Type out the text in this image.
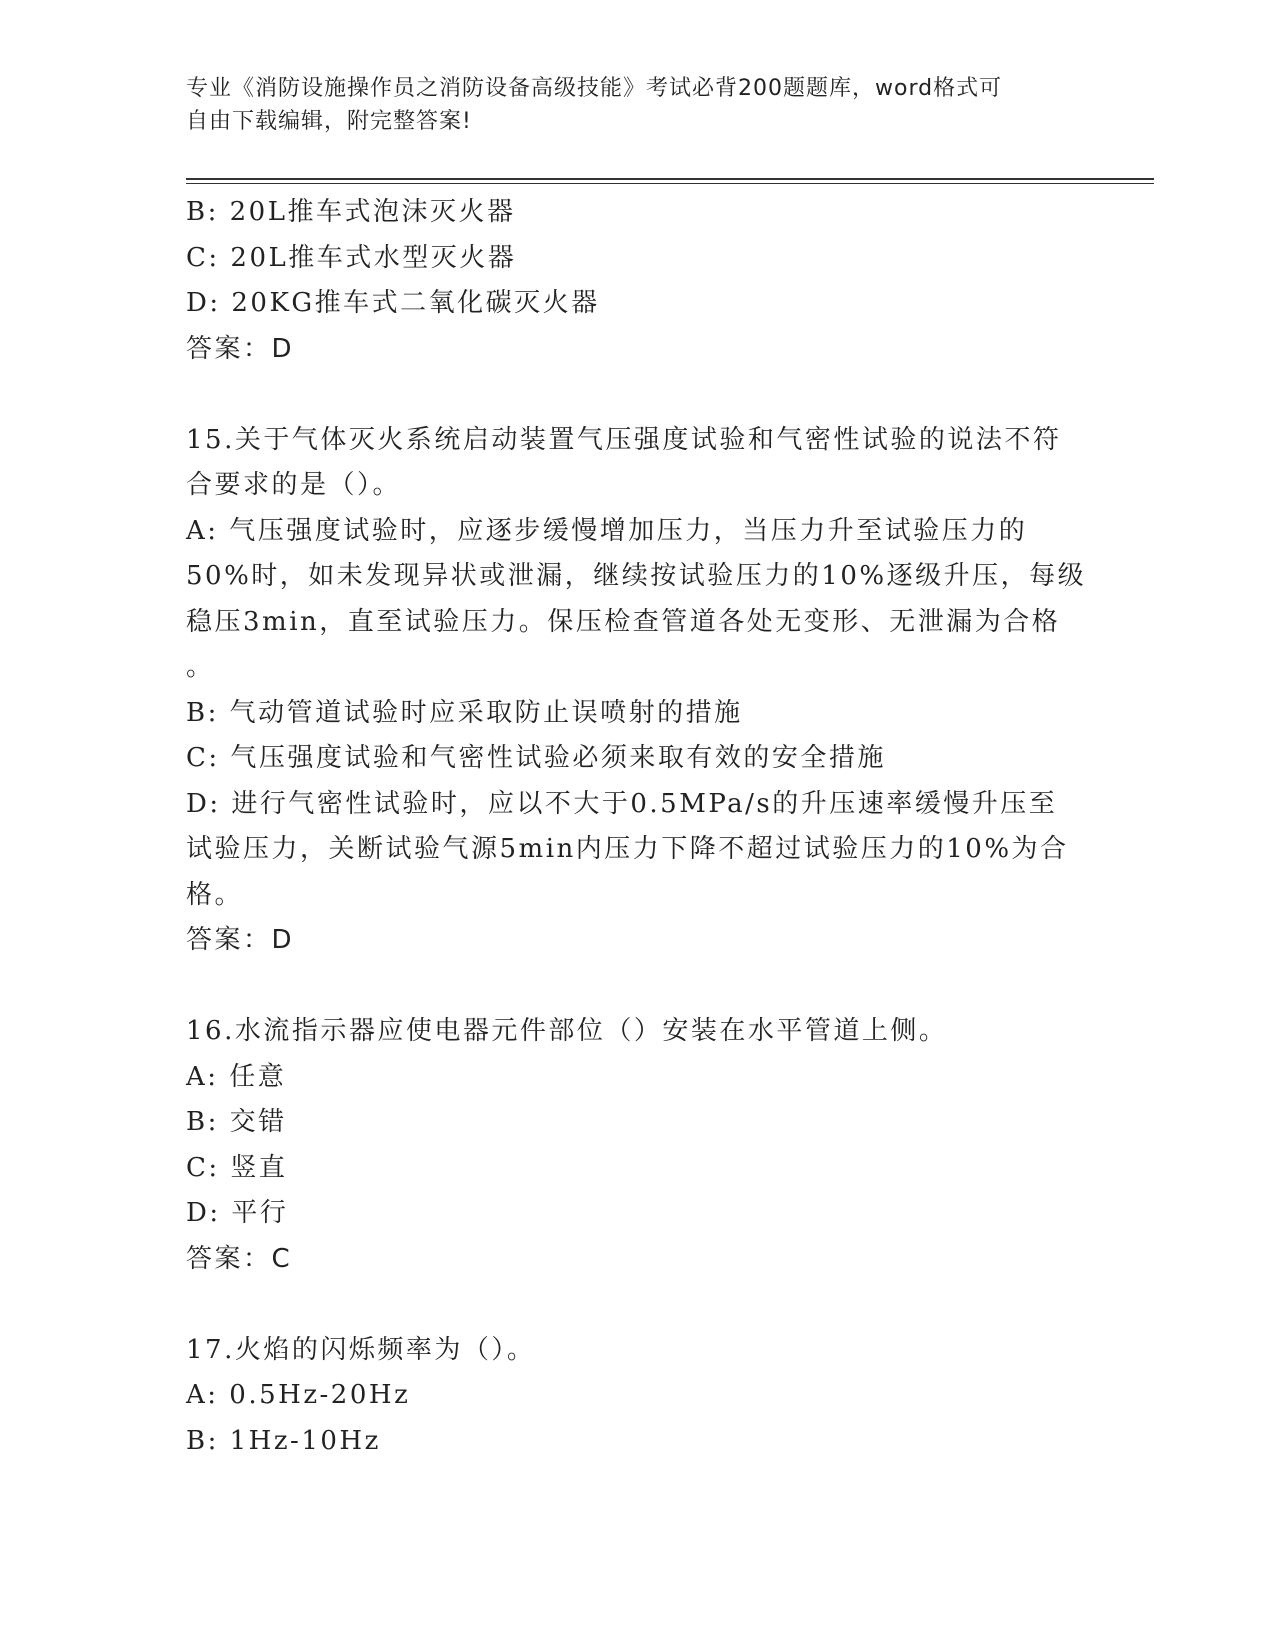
专业《消防设施操作员之消防设备高级技能》考试必背200题题库，word格式可
自由下载编辑，附完整答案!
B: 20L推车式泡沫灭火器
C: 20L推车式水型灭火器
D: 20KG推车式二氧化碳灭火器
答案：D
15.关于气体灭火系统启动装置气压强度试验和气密性试验的说法不符
合要求的是（）。
A: 气压强度试验时，应逐步缓慢增加压力，当压力升至试验压力的
50%时，如未发现异状或泄漏，继续按试验压力的10%逐级升压，每级
稳压3min，直至试验压力。保压检查管道各处无变形、无泄漏为合格
。
B: 气动管道试验时应采取防止误喷射的措施
C: 气压强度试验和气密性试验必须来取有效的安全措施
D: 进行气密性试验时，应以不大于0.5MPa/s的升压速率缓慢升压至
试验压力，关断试验气源5min内压力下降不超过试验压力的10%为合
格。
答案：D
16.水流指示器应使电器元件部位（）安装在水平管道上侧。
A: 任意
B: 交错
C: 竖直
D: 平行
答案：C
17.火焰的闪烁频率为（）。
A: 0.5Hz-20Hz
B: 1Hz-10Hz
